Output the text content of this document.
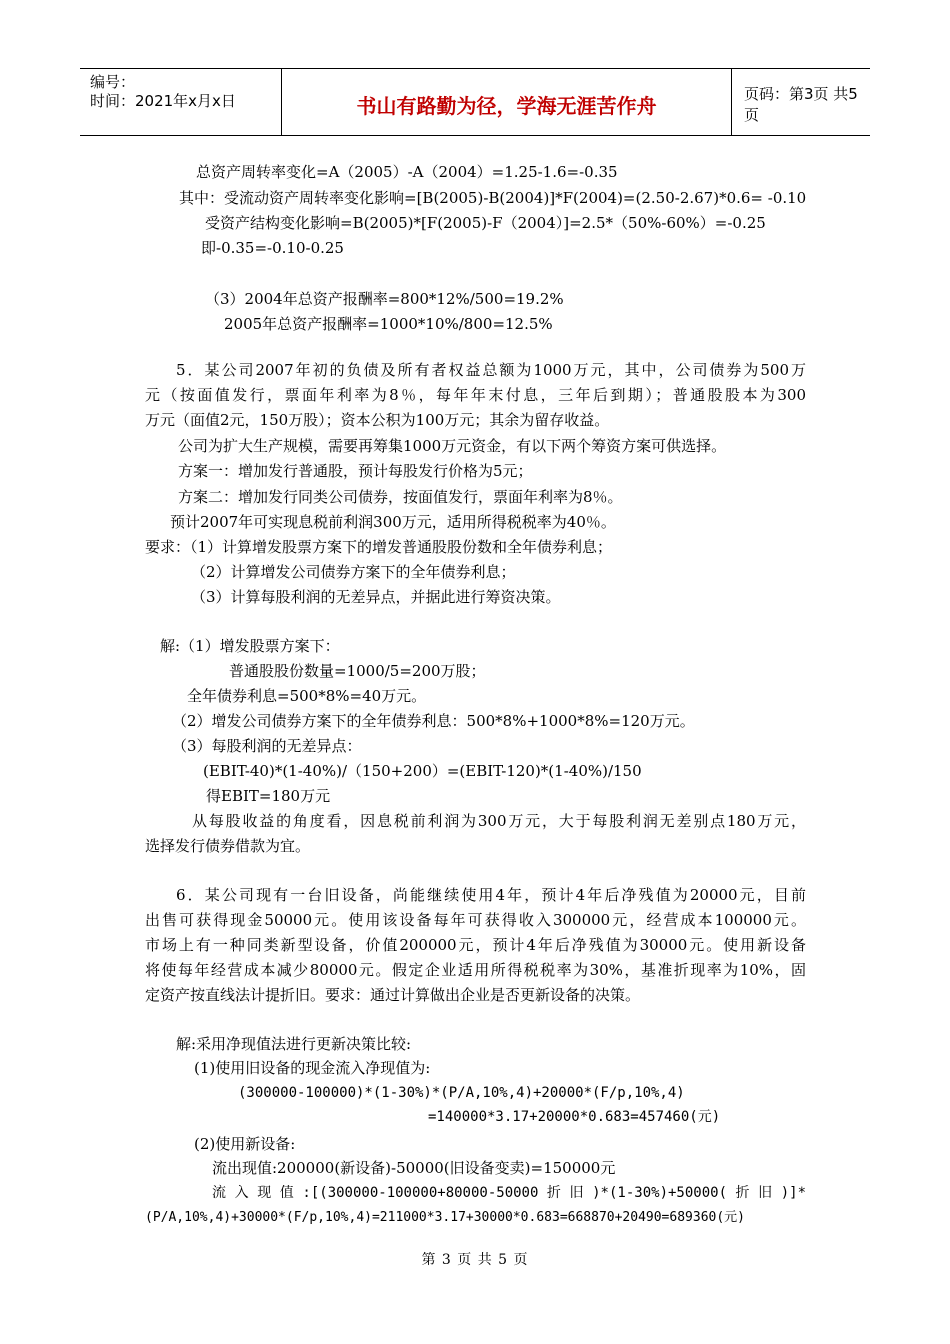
编号：
时间：2021年x月x日	书山有路勤为径，学海无涯苦作舟	页码：第3页 共5页
总资产周转率变化=A（2005）-A（2004）=1.25-1.6=-0.35
其中：受流动资产周转率变化影响=[B(2005)-B(2004)]*F(2004)=(2.50-2.67)*0.6= -0.10
受资产结构变化影响=B(2005)*[F(2005)-F（2004）]=2.5*（50%-60%）=-0.25
即-0.35=-0.10-0.25
（3）2004年总资产报酬率=800*12%/500=19.2%
2005年总资产报酬率=1000*10%/800=12.5%
5．某公司2007年初的负债及所有者权益总额为1000万元，其中，公司债券为500万
元（按面值发行，票面年利率为8％，每年年末付息，三年后到期）；普通股股本为300
万元（面值2元，150万股）；资本公积为100万元；其余为留存收益。
公司为扩大生产规模，需要再筹集1000万元资金，有以下两个筹资方案可供选择。
方案一：增加发行普通股，预计每股发行价格为5元；
方案二：增加发行同类公司债券，按面值发行，票面年利率为8％。
预计2007年可实现息税前利润300万元，适用所得税税率为40％。
要求：（1）计算增发股票方案下的增发普通股股份数和全年债券利息；
（2）计算增发公司债券方案下的全年债券利息；
（3）计算每股利润的无差异点，并据此进行筹资决策。
解:（1）增发股票方案下：
普通股股份数量=1000/5=200万股；
全年债券利息=500*8%=40万元。
（2）增发公司债券方案下的全年债券利息：500*8%+1000*8%=120万元。
（3）每股利润的无差异点：
(EBIT-40)*(1-40%)/（150+200）=(EBIT-120)*(1-40%)/150
得EBIT=180万元
从每股收益的角度看，因息税前利润为300万元，大于每股利润无差别点180万元，
选择发行债券借款为宜。
6．某公司现有一台旧设备，尚能继续使用4年，预计4年后净残值为20000元，目前
出售可获得现金50000元。使用该设备每年可获得收入300000元，经营成本100000元。
市场上有一种同类新型设备，价值200000元，预计4年后净残值为30000元。使用新设备
将使每年经营成本减少80000元。假定企业适用所得税税率为30%，基准折现率为10%，固
定资产按直线法计提折旧。要求：通过计算做出企业是否更新设备的决策。
解:采用净现值法进行更新决策比较:
(1)使用旧设备的现金流入净现值为:
(300000-100000)*(1-30%)*(P/A,10%,4)+20000*(F/p,10%,4)
=140000*3.17+20000*0.683=457460(元)
(2)使用新设备:
流出现值:200000(新设备)-50000(旧设备变卖)=150000元
流 入 现 值 :[(300000-100000+80000-50000 折 旧 )*(1-30%)+50000( 折 旧 )]*
(P/A,10%,4)+30000*(F/p,10%,4)=211000*3.17+30000*0.683=668870+20490=689360(元)
第 3 页 共 5 页
